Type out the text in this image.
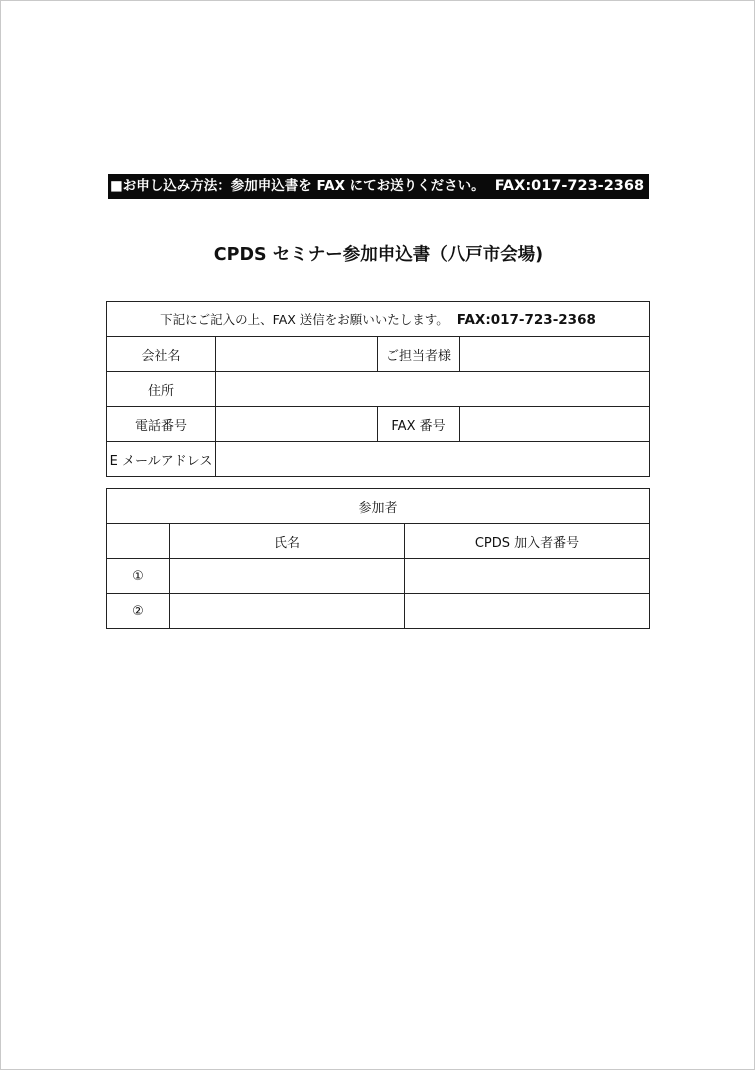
■お申し込み方法：参加申込書を FAX にてお送りください。 FAX:017-723-2368
CPDS セミナー参加申込書（八戸市会場)
下記にご記入の上、FAX 送信をお願いいたします。 FAX:017-723-2368			
会社名		ご担当者様	
住所			
電話番号		FAX 番号	
E メールアドレス			
参加者		
	氏名	CPDS 加入者番号
①		
②		
